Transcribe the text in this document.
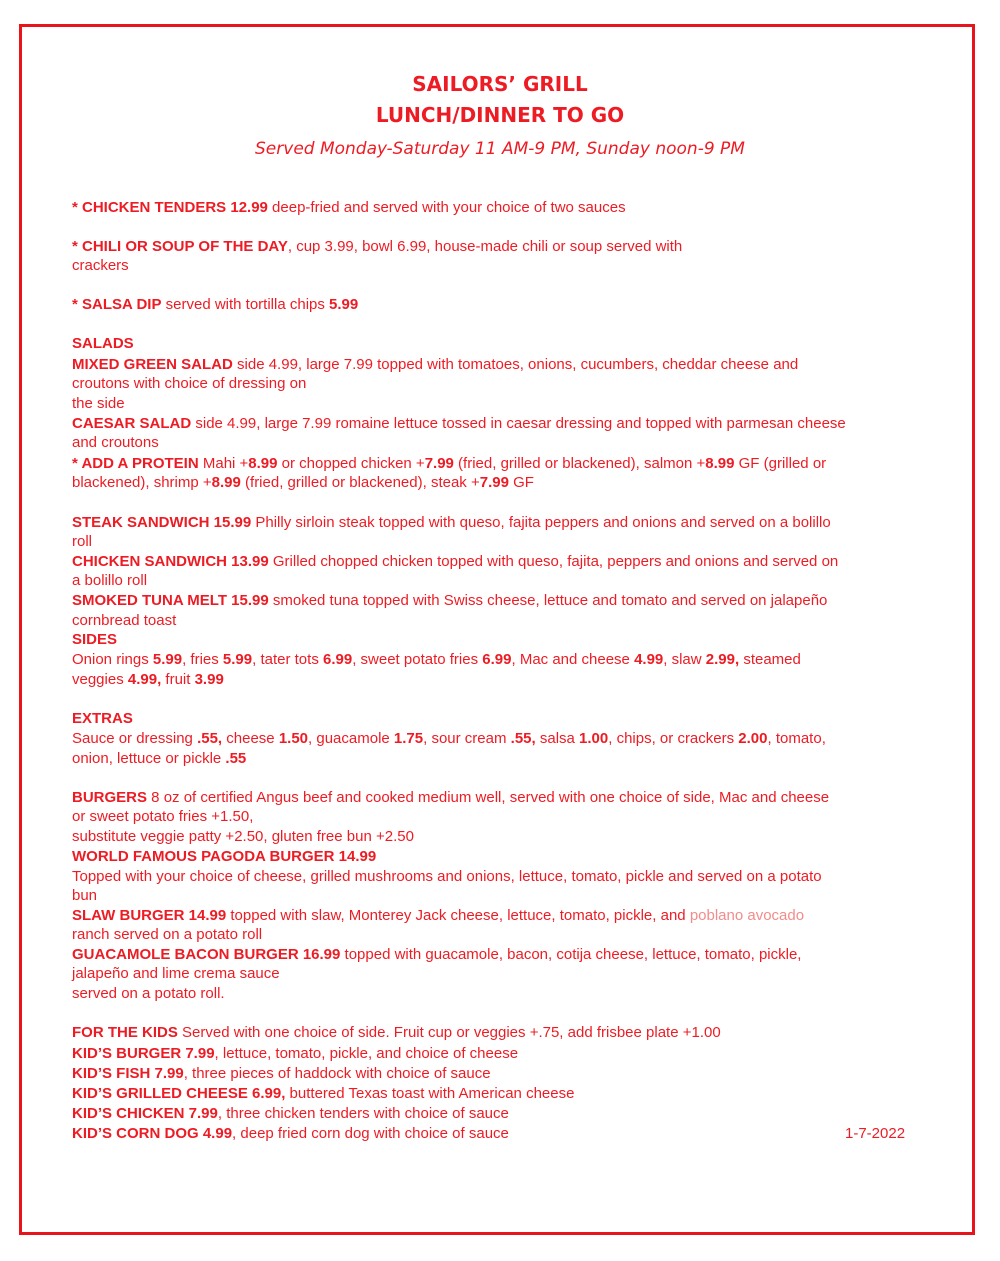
SAILORS’ GRILL
LUNCH/DINNER TO GO
Served Monday-Saturday 11 AM-9 PM, Sunday noon-9 PM
* CHICKEN TENDERS 12.99 deep-fried and served with your choice of two sauces
* CHILI OR SOUP OF THE DAY, cup 3.99, bowl 6.99, house-made chili or soup served with
crackers
* SALSA DIP served with tortilla chips 5.99
SALADS
MIXED GREEN SALAD side 4.99, large 7.99 topped with tomatoes, onions, cucumbers, cheddar cheese and
croutons with choice of dressing on
the side
CAESAR SALAD side 4.99, large 7.99 romaine lettuce tossed in caesar dressing and topped with parmesan cheese
and croutons
* ADD A PROTEIN Mahi +8.99 or chopped chicken +7.99 (fried, grilled or blackened), salmon +8.99 GF (grilled or
blackened), shrimp +8.99 (fried, grilled or blackened), steak +7.99 GF
STEAK SANDWICH 15.99 Philly sirloin steak topped with queso, fajita peppers and onions and served on a bolillo
roll
CHICKEN SANDWICH 13.99 Grilled chopped chicken topped with queso, fajita, peppers and onions and served on
a bolillo roll
SMOKED TUNA MELT 15.99 smoked tuna topped with Swiss cheese, lettuce and tomato and served on jalapeño
cornbread toast
SIDES
Onion rings 5.99, fries 5.99, tater tots 6.99, sweet potato fries 6.99, Mac and cheese 4.99, slaw 2.99, steamed
veggies 4.99, fruit 3.99
EXTRAS
Sauce or dressing .55, cheese 1.50, guacamole 1.75, sour cream .55, salsa 1.00, chips, or crackers 2.00, tomato,
onion, lettuce or pickle .55
BURGERS 8 oz of certified Angus beef and cooked medium well, served with one choice of side, Mac and cheese
or sweet potato fries +1.50,
substitute veggie patty +2.50, gluten free bun +2.50
WORLD FAMOUS PAGODA BURGER 14.99
Topped with your choice of cheese, grilled mushrooms and onions, lettuce, tomato, pickle and served on a potato
bun
SLAW BURGER 14.99 topped with slaw, Monterey Jack cheese, lettuce, tomato, pickle, and poblano avocado
ranch served on a potato roll
GUACAMOLE BACON BURGER 16.99 topped with guacamole, bacon, cotija cheese, lettuce, tomato, pickle,
jalapeño and lime crema sauce
served on a potato roll.
FOR THE KIDS Served with one choice of side. Fruit cup or veggies +.75, add frisbee plate +1.00
KID’S BURGER 7.99, lettuce, tomato, pickle, and choice of cheese
KID’S FISH 7.99, three pieces of haddock with choice of sauce
KID’S GRILLED CHEESE 6.99, buttered Texas toast with American cheese
KID’S CHICKEN 7.99, three chicken tenders with choice of sauce
KID’S CORN DOG 4.99, deep fried corn dog with choice of sauce	1-7-2022
